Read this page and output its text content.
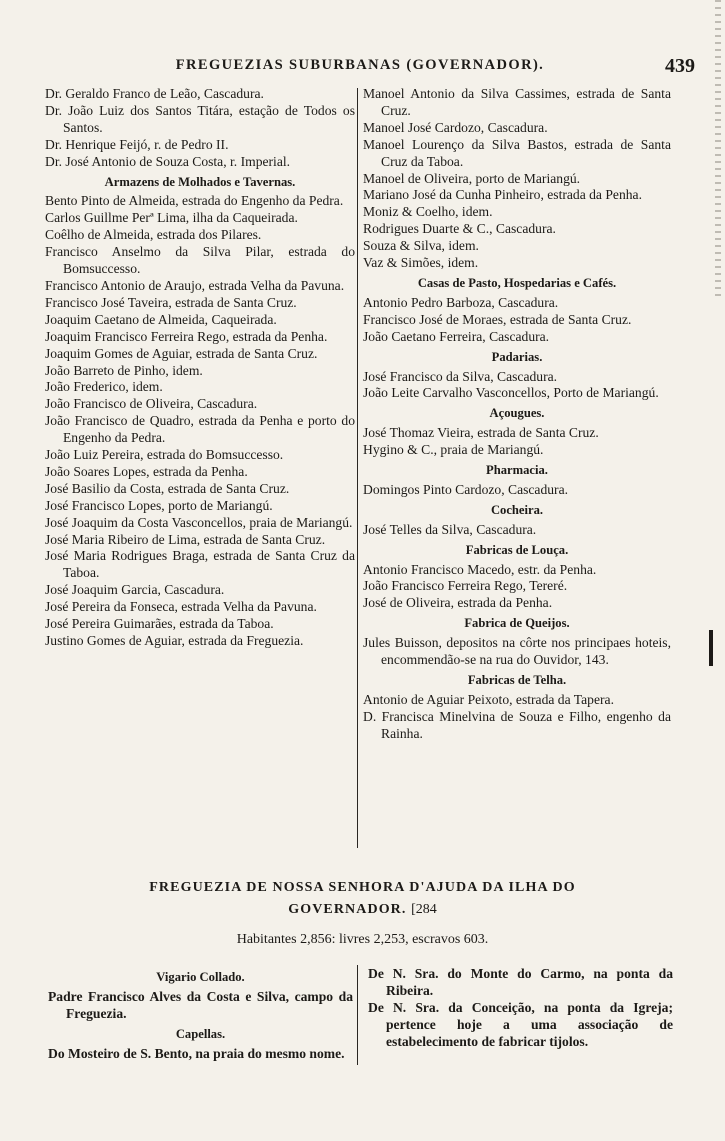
FREGUEZIAS SUBURBANAS (GOVERNADOR).	439
Dr. Geraldo Franco de Leão, Cascadura.
Dr. João Luiz dos Santos Titára, estação de Todos os Santos.
Dr. Henrique Feijó, r. de Pedro II.
Dr. José Antonio de Souza Costa, r. Imperial.
Armazens de Molhados e Tavernas.
Bento Pinto de Almeida, estrada do Engenho da Pedra.
Carlos Guillme Perª Lima, ilha da Caqueirada.
Coêlho de Almeida, estrada dos Pilares.
Francisco Anselmo da Silva Pilar, estrada do Bomsuccesso.
Francisco Antonio de Araujo, estrada Velha da Pavuna.
Francisco José Taveira, estrada de Santa Cruz.
Joaquim Caetano de Almeida, Caqueirada.
Joaquim Francisco Ferreira Rego, estrada da Penha.
Joaquim Gomes de Aguiar, estrada de Santa Cruz.
João Barreto de Pinho, idem.
João Frederico, idem.
João Francisco de Oliveira, Cascadura.
João Francisco de Quadro, estrada da Penha e porto do Engenho da Pedra.
João Luiz Pereira, estrada do Bomsuccesso.
João Soares Lopes, estrada da Penha.
José Basilio da Costa, estrada de Santa Cruz.
José Francisco Lopes, porto de Mariangú.
José Joaquim da Costa Vasconcellos, praia de Mariangú.
José Maria Ribeiro de Lima, estrada de Santa Cruz.
José Maria Rodrigues Braga, estrada de Santa Cruz da Taboa.
José Joaquim Garcia, Cascadura.
José Pereira da Fonseca, estrada Velha da Pavuna.
José Pereira Guimarães, estrada da Taboa.
Justino Gomes de Aguiar, estrada da Freguezia.
Manoel Antonio da Silva Cassimes, estrada de Santa Cruz.
Manoel José Cardozo, Cascadura.
Manoel Lourenço da Silva Bastos, estrada de Santa Cruz da Taboa.
Manoel de Oliveira, porto de Mariangú.
Mariano José da Cunha Pinheiro, estrada da Penha.
Moniz & Coelho, idem.
Rodrigues Duarte & C., Cascadura.
Souza & Silva, idem.
Vaz & Simões, idem.
Casas de Pasto, Hospedarias e Cafés.
Antonio Pedro Barboza, Cascadura.
Francisco José de Moraes, estrada de Santa Cruz.
João Caetano Ferreira, Cascadura.
Padarias.
José Francisco da Silva, Cascadura.
João Leite Carvalho Vasconcellos, Porto de Mariangú.
Açougues.
José Thomaz Vieira, estrada de Santa Cruz.
Hygino & C., praia de Mariangú.
Pharmacia.
Domingos Pinto Cardozo, Cascadura.
Cocheira.
José Telles da Silva, Cascadura.
Fabricas de Louça.
Antonio Francisco Macedo, estr. da Penha.
João Francisco Ferreira Rego, Tereré.
José de Oliveira, estrada da Penha.
Fabrica de Queijos.
Jules Buisson, depositos na côrte nos principaes hoteis, encommendão-se na rua do Ouvidor, 143.
Fabricas de Telha.
Antonio de Aguiar Peixoto, estrada da Tapera.
D. Francisca Minelvina de Souza e Filho, engenho da Rainha.
FREGUEZIA DE NOSSA SENHORA D'AJUDA DA ILHA DO
GOVERNADOR. [284
Habitantes 2,856: livres 2,253, escravos 603.
Vigario Collado.
Padre Francisco Alves da Costa e Silva, campo da Freguezia.
Capellas.
Do Mosteiro de S. Bento, na praia do mesmo nome.
De N. Sra. do Monte do Carmo, na ponta da Ribeira.
De N. Sra. da Conceição, na ponta da Igreja; pertence hoje a uma associação de estabelecimento de fabricar tijolos.
